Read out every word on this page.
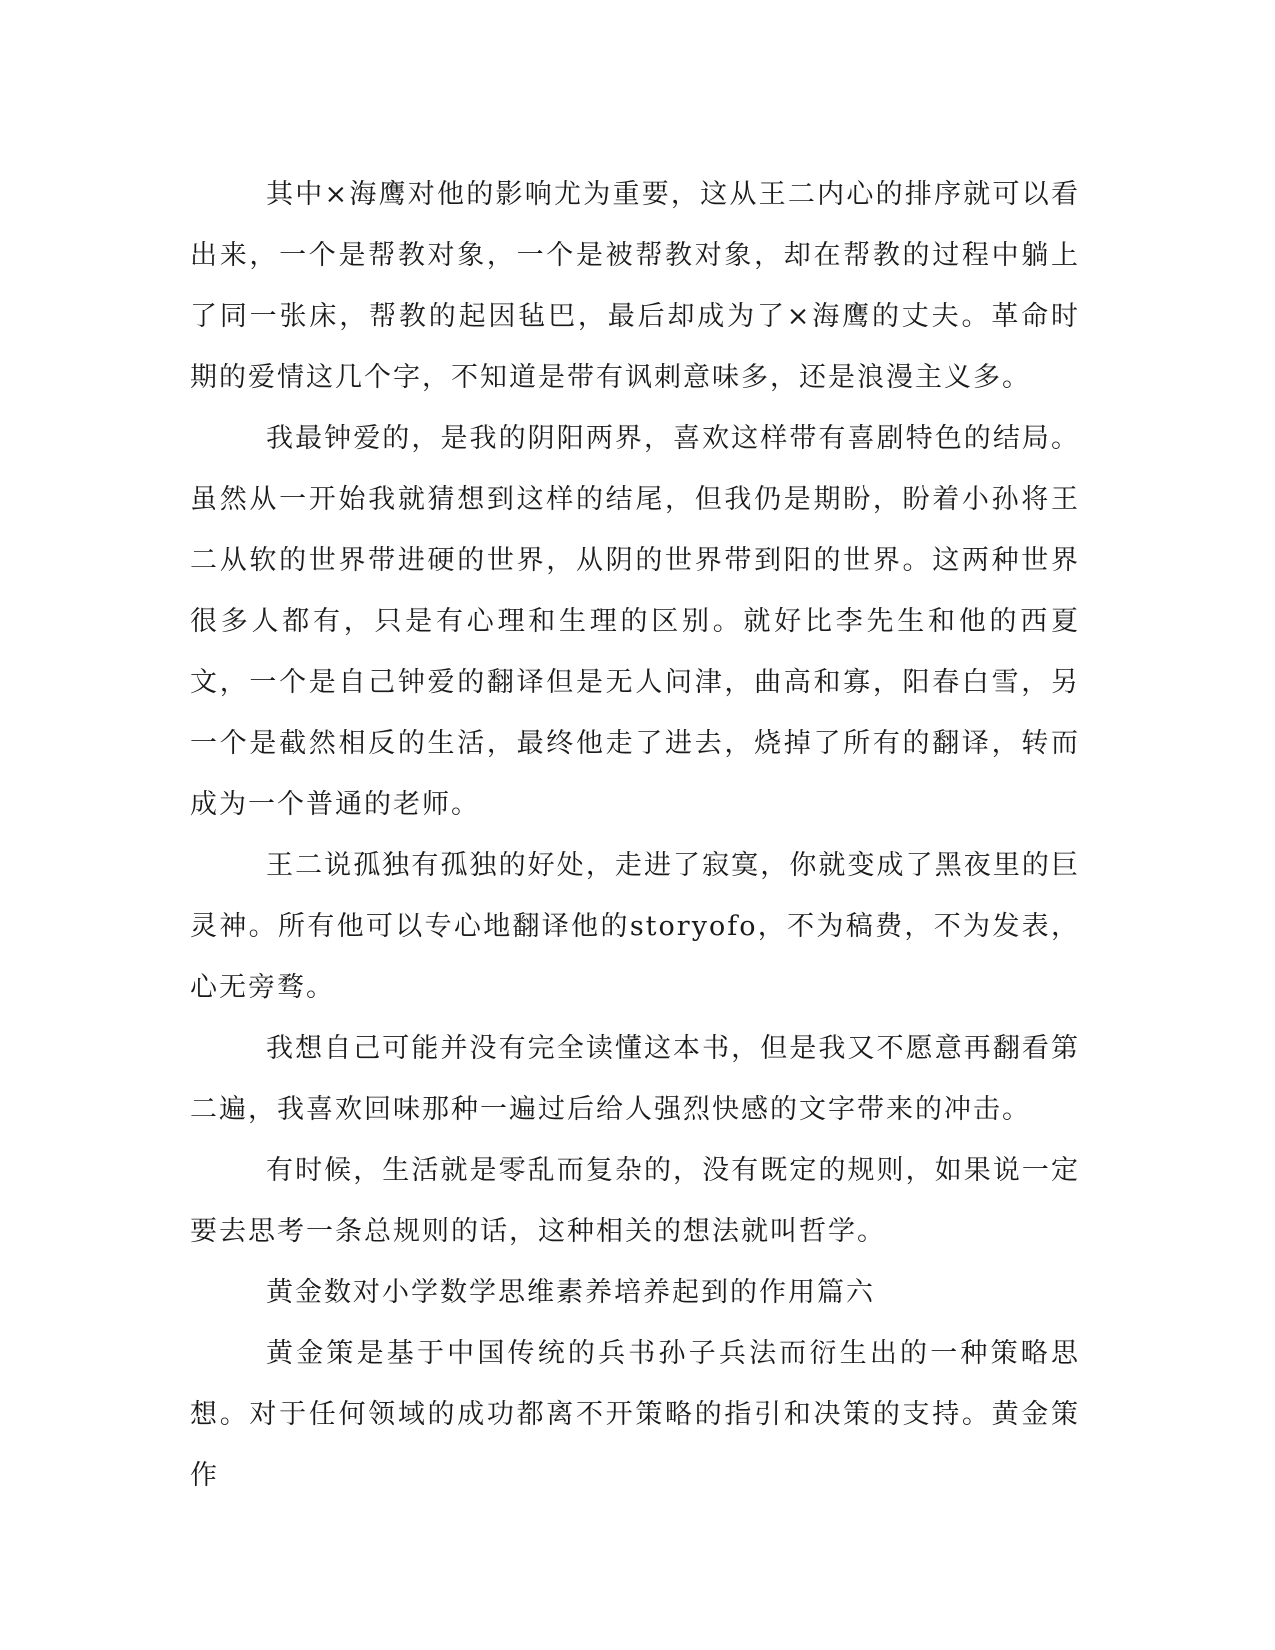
其中×海鹰对他的影响尤为重要，这从王二内心的排序就可以看出来，一个是帮教对象，一个是被帮教对象，却在帮教的过程中躺上了同一张床，帮教的起因毡巴，最后却成为了×海鹰的丈夫。革命时期的爱情这几个字，不知道是带有讽刺意味多，还是浪漫主义多。

我最钟爱的，是我的阴阳两界，喜欢这样带有喜剧特色的结局。虽然从一开始我就猜想到这样的结尾，但我仍是期盼，盼着小孙将王二从软的世界带进硬的世界，从阴的世界带到阳的世界。这两种世界很多人都有，只是有心理和生理的区别。就好比李先生和他的西夏文，一个是自己钟爱的翻译但是无人问津，曲高和寡，阳春白雪，另一个是截然相反的生活，最终他走了进去，烧掉了所有的翻译，转而成为一个普通的老师。

王二说孤独有孤独的好处，走进了寂寞，你就变成了黑夜里的巨灵神。所有他可以专心地翻译他的storyofo，不为稿费，不为发表，心无旁骛。

我想自己可能并没有完全读懂这本书，但是我又不愿意再翻看第二遍，我喜欢回味那种一遍过后给人强烈快感的文字带来的冲击。

有时候，生活就是零乱而复杂的，没有既定的规则，如果说一定要去思考一条总规则的话，这种相关的想法就叫哲学。

黄金数对小学数学思维素养培养起到的作用篇六

黄金策是基于中国传统的兵书孙子兵法而衍生出的一种策略思想。对于任何领域的成功都离不开策略的指引和决策的支持。黄金策作
